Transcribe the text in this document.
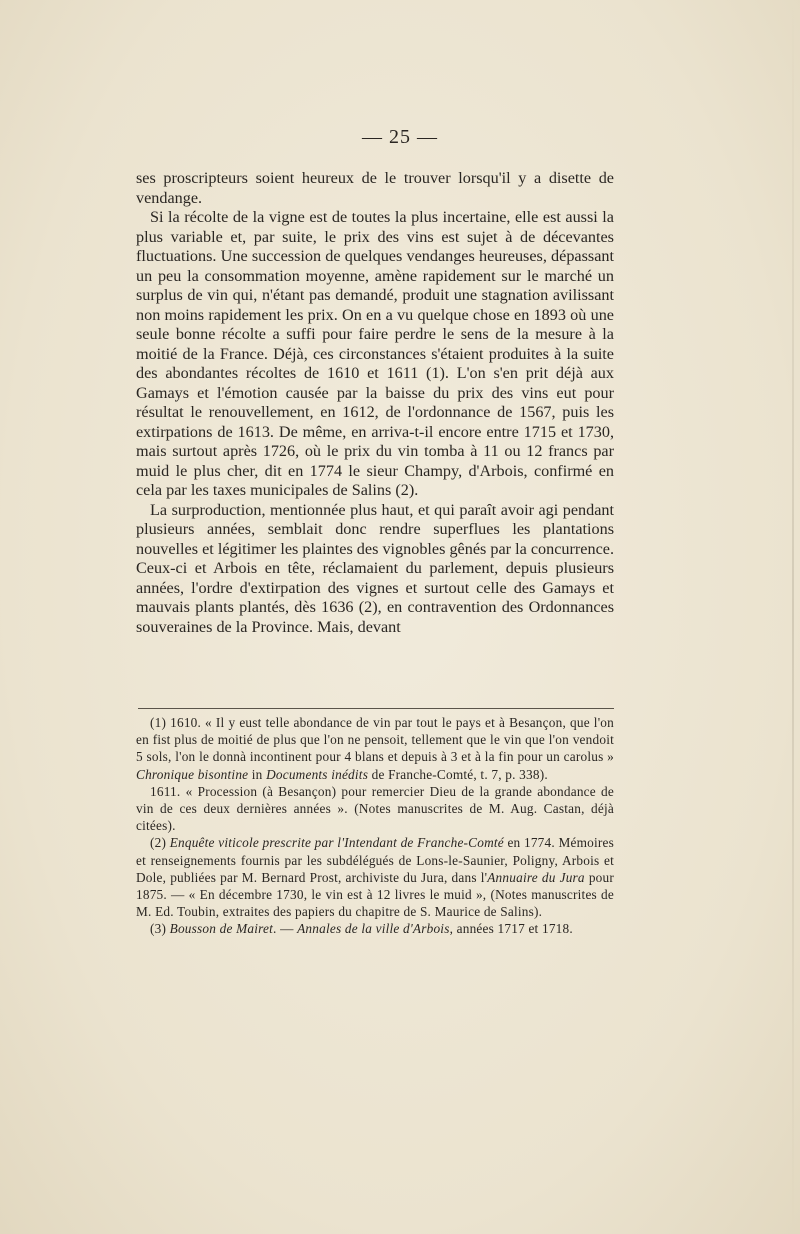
— 25 —

ses proscripteurs soient heureux de le trouver lorsqu'il y a disette de vendange.

Si la récolte de la vigne est de toutes la plus incertaine, elle est aussi la plus variable et, par suite, le prix des vins est sujet à de décevantes fluctuations. Une succession de quelques vendanges heureuses, dépassant un peu la consommation moyenne, amène rapidement sur le marché un surplus de vin qui, n'étant pas demandé, produit une stagnation avilissant non moins rapidement les prix. On en a vu quelque chose en 1893 où une seule bonne récolte a suffi pour faire perdre le sens de la mesure à la moitié de la France. Déjà, ces circonstances s'étaient produites à la suite des abondantes récoltes de 1610 et 1611 (1). L'on s'en prit déjà aux Gamays et l'émotion causée par la baisse du prix des vins eut pour résultat le renouvellement, en 1612, de l'ordonnance de 1567, puis les extirpations de 1613. De même, en arriva-t-il encore entre 1715 et 1730, mais surtout après 1726, où le prix du vin tomba à 11 ou 12 francs par muid le plus cher, dit en 1774 le sieur Champy, d'Arbois, confirmé en cela par les taxes municipales de Salins (2).

La surproduction, mentionnée plus haut, et qui paraît avoir agi pendant plusieurs années, semblait donc rendre superflues les plantations nouvelles et légitimer les plaintes des vignobles gênés par la concurrence. Ceux-ci et Arbois en tête, réclamaient du parlement, depuis plusieurs années, l'ordre d'extirpation des vignes et surtout celle des Gamays et mauvais plants plantés, dès 1636 (2), en contravention des Ordonnances souveraines de la Province. Mais, devant

(1) 1610. « Il y eust telle abondance de vin par tout le pays et à Besançon, que l'on en fist plus de moitié de plus que l'on ne pensoit, tellement que le vin que l'on vendoit 5 sols, l'on le donnà incontinent pour 4 blans et depuis à 3 et à la fin pour un carolus » Chronique bisontine in Documents inédits de Franche-Comté, t. 7, p. 338).

1611. « Procession (à Besançon) pour remercier Dieu de la grande abondance de vin de ces deux dernières années ». (Notes manuscrites de M. Aug. Castan, déjà citées).

(2) Enquête viticole prescrite par l'Intendant de Franche-Comté en 1774. Mémoires et renseignements fournis par les subdélégués de Lons-le-Saunier, Poligny, Arbois et Dole, publiées par M. Bernard Prost, archiviste du Jura, dans l'Annuaire du Jura pour 1875. — « En décembre 1730, le vin est à 12 livres le muid », (Notes manuscrites de M. Ed. Toubin, extraites des papiers du chapitre de S. Maurice de Salins).

(3) Bousson de Mairet. — Annales de la ville d'Arbois, années 1717 et 1718.
